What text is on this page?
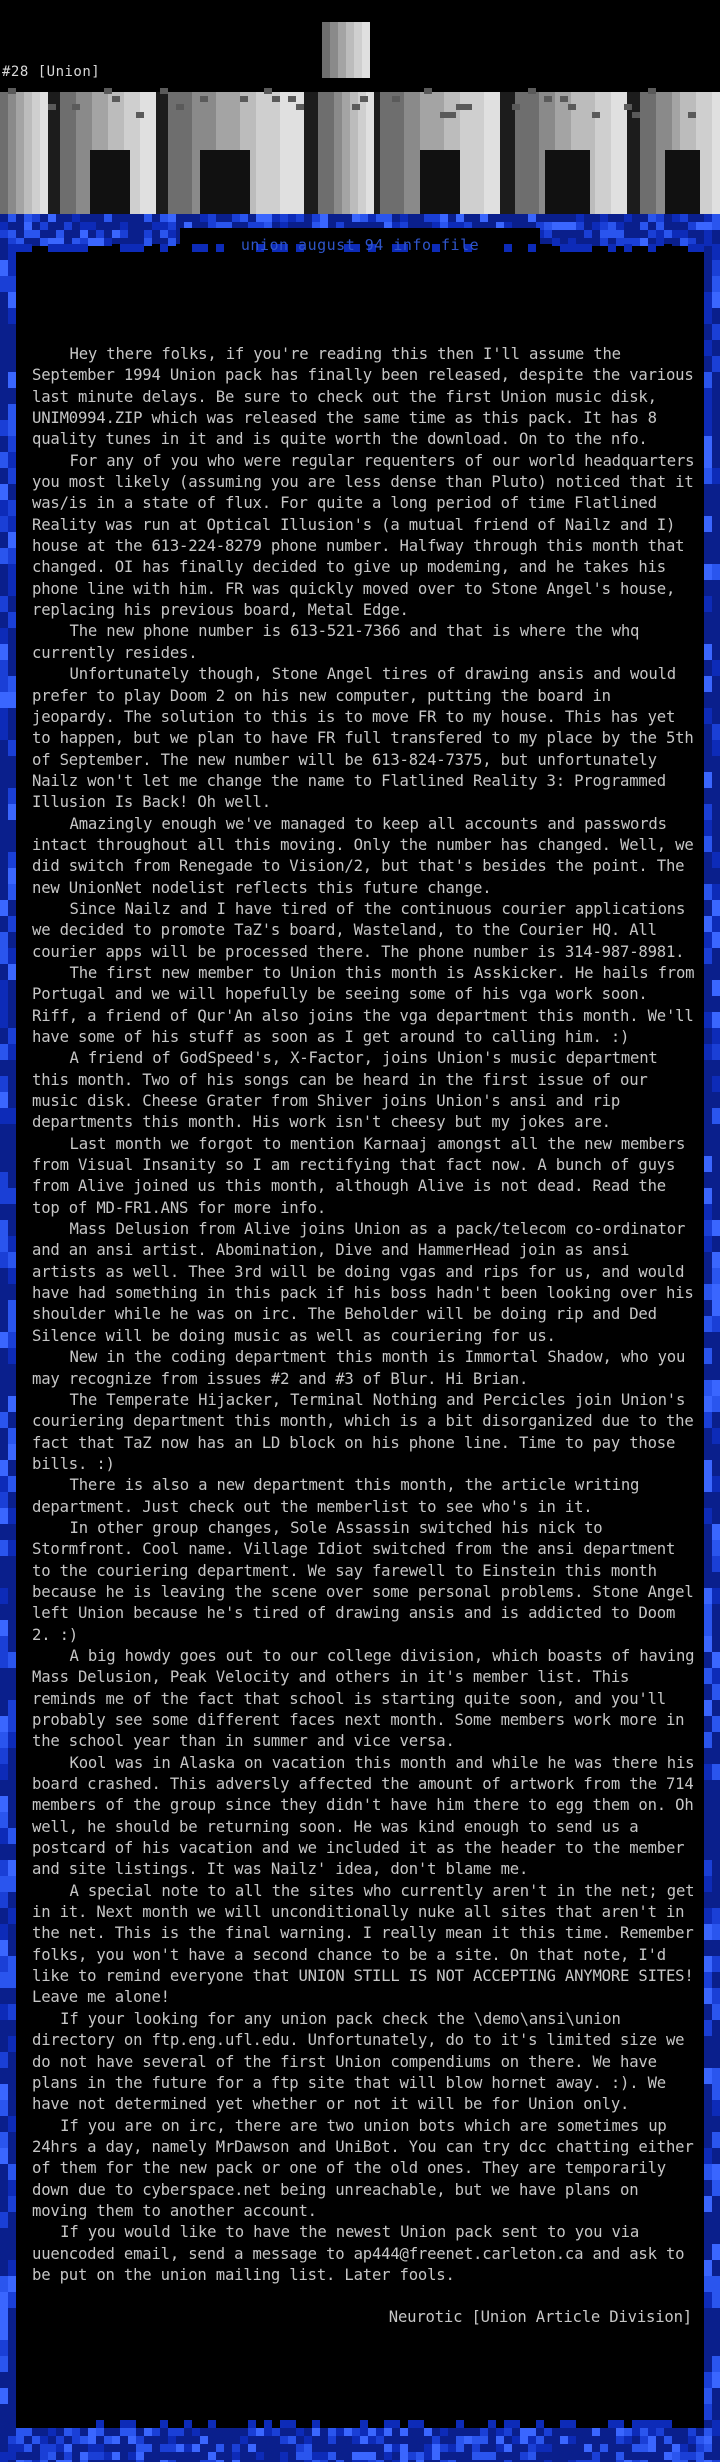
#28 [Union]
union august 94 info file

Hey there folks, if you're reading this then I'll assume the September 1994 Union pack has finally been released, despite the various last minute delays. Be sure to check out the first Union music disk, UNIM0994.ZIP which was released the same time as this pack. It has 8 quality tunes in it and is quite worth the download. On to the nfo.

For any of you who were regular requenters of our world headquarters you most likely (assuming you are less dense than Pluto) noticed that it was/is in a state of flux. For quite a long period of time Flatlined Reality was run at Optical Illusion's (a mutual friend of Nailz and I) house at the 613-224-8279 phone number. Halfway through this month that changed. OI has finally decided to give up modeming, and he takes his phone line with him. FR was quickly moved over to Stone Angel's house, replacing his previous board, Metal Edge.

The new phone number is 613-521-7366 and that is where the whq currently resides.

Unfortunately though, Stone Angel tires of drawing ansis and would prefer to play Doom 2 on his new computer, putting the board in jeopardy. The solution to this is to move FR to my house. This has yet to happen, but we plan to have FR full transfered to my place by the 5th of September. The new number will be 613-824-7375, but unfortunately Nailz won't let me change the name to Flatlined Reality 3: Programmed Illusion Is Back! Oh well.

Amazingly enough we've managed to keep all accounts and passwords intact throughout all this moving. Only the number has changed. Well, we did switch from Renegade to Vision/2, but that's besides the point. The new UnionNet nodelist reflects this future change.

Since Nailz and I have tired of the continuous courier applications we decided to promote TaZ's board, Wasteland, to the Courier HQ. All courier apps will be processed there. The phone number is 314-987-8981.

The first new member to Union this month is Asskicker. He hails from Portugal and we will hopefully be seeing some of his vga work soon. Riff, a friend of Qur'An also joins the vga department this month. We'll have some of his stuff as soon as I get around to calling him. :)

A friend of GodSpeed's, X-Factor, joins Union's music department this month. Two of his songs can be heard in the first issue of our music disk. Cheese Grater from Shiver joins Union's ansi and rip departments this month. His work isn't cheesy but my jokes are.

Last month we forgot to mention Karnaaj amongst all the new members from Visual Insanity so I am rectifying that fact now. A bunch of guys from Alive joined us this month, although Alive is not dead. Read the top of MD-FR1.ANS for more info.

Mass Delusion from Alive joins Union as a pack/telecom co-ordinator and an ansi artist. Abomination, Dive and HammerHead join as ansi artists as well. Thee 3rd will be doing vgas and rips for us, and would have had something in this pack if his boss hadn't been looking over his shoulder while he was on irc. The Beholder will be doing rip and Ded Silence will be doing music as well as couriering for us.

New in the coding department this month is Immortal Shadow, who you may recognize from issues #2 and #3 of Blur. Hi Brian.

The Temperate Hijacker, Terminal Nothing and Percicles join Union's couriering department this month, which is a bit disorganized due to the fact that TaZ now has an LD block on his phone line. Time to pay those bills. :)

There is also a new department this month, the article writing department. Just check out the memberlist to see who's in it.

In other group changes, Sole Assassin switched his nick to Stormfront. Cool name. Village Idiot switched from the ansi department to the couriering department. We say farewell to Einstein this month because he is leaving the scene over some personal problems. Stone Angel left Union because he's tired of drawing ansis and is addicted to Doom 2. :)

A big howdy goes out to our college division, which boasts of having Mass Delusion, Peak Velocity and others in it's member list. This reminds me of the fact that school is starting quite soon, and you'll probably see some different faces next month. Some members work more in the school year than in summer and vice versa.

Kool was in Alaska on vacation this month and while he was there his board crashed. This adversly affected the amount of artwork from the 714 members of the group since they didn't have him there to egg them on. Oh well, he should be returning soon. He was kind enough to send us a postcard of his vacation and we included it as the header to the member and site listings. It was Nailz' idea, don't blame me.

A special note to all the sites who currently aren't in the net; get in it. Next month we will unconditionally nuke all sites that aren't in the net. This is the final warning. I really mean it this time. Remember folks, you won't have a second chance to be a site. On that note, I'd like to remind everyone that UNION STILL IS NOT ACCEPTING ANYMORE SITES! Leave me alone!

If your looking for any union pack check the \demo\ansi\union directory on ftp.eng.ufl.edu. Unfortunately, do to it's limited size we do not have several of the first Union compendiums on there. We have plans in the future for a ftp site that will blow hornet away. :). We have not determined yet whether or not it will be for Union only.

If you are on irc, there are two union bots which are sometimes up 24hrs a day, namely MrDawson and UniBot. You can try dcc chatting either of them for the new pack or one of the old ones. They are temporarily down due to cyberspace.net being unreachable, but we have plans on moving them to another account.

If you would like to have the newest Union pack sent to you via uuencoded email, send a message to ap444@freenet.carleton.ca and ask to be put on the union mailing list. Later fools.

Neurotic [Union Article Division]
